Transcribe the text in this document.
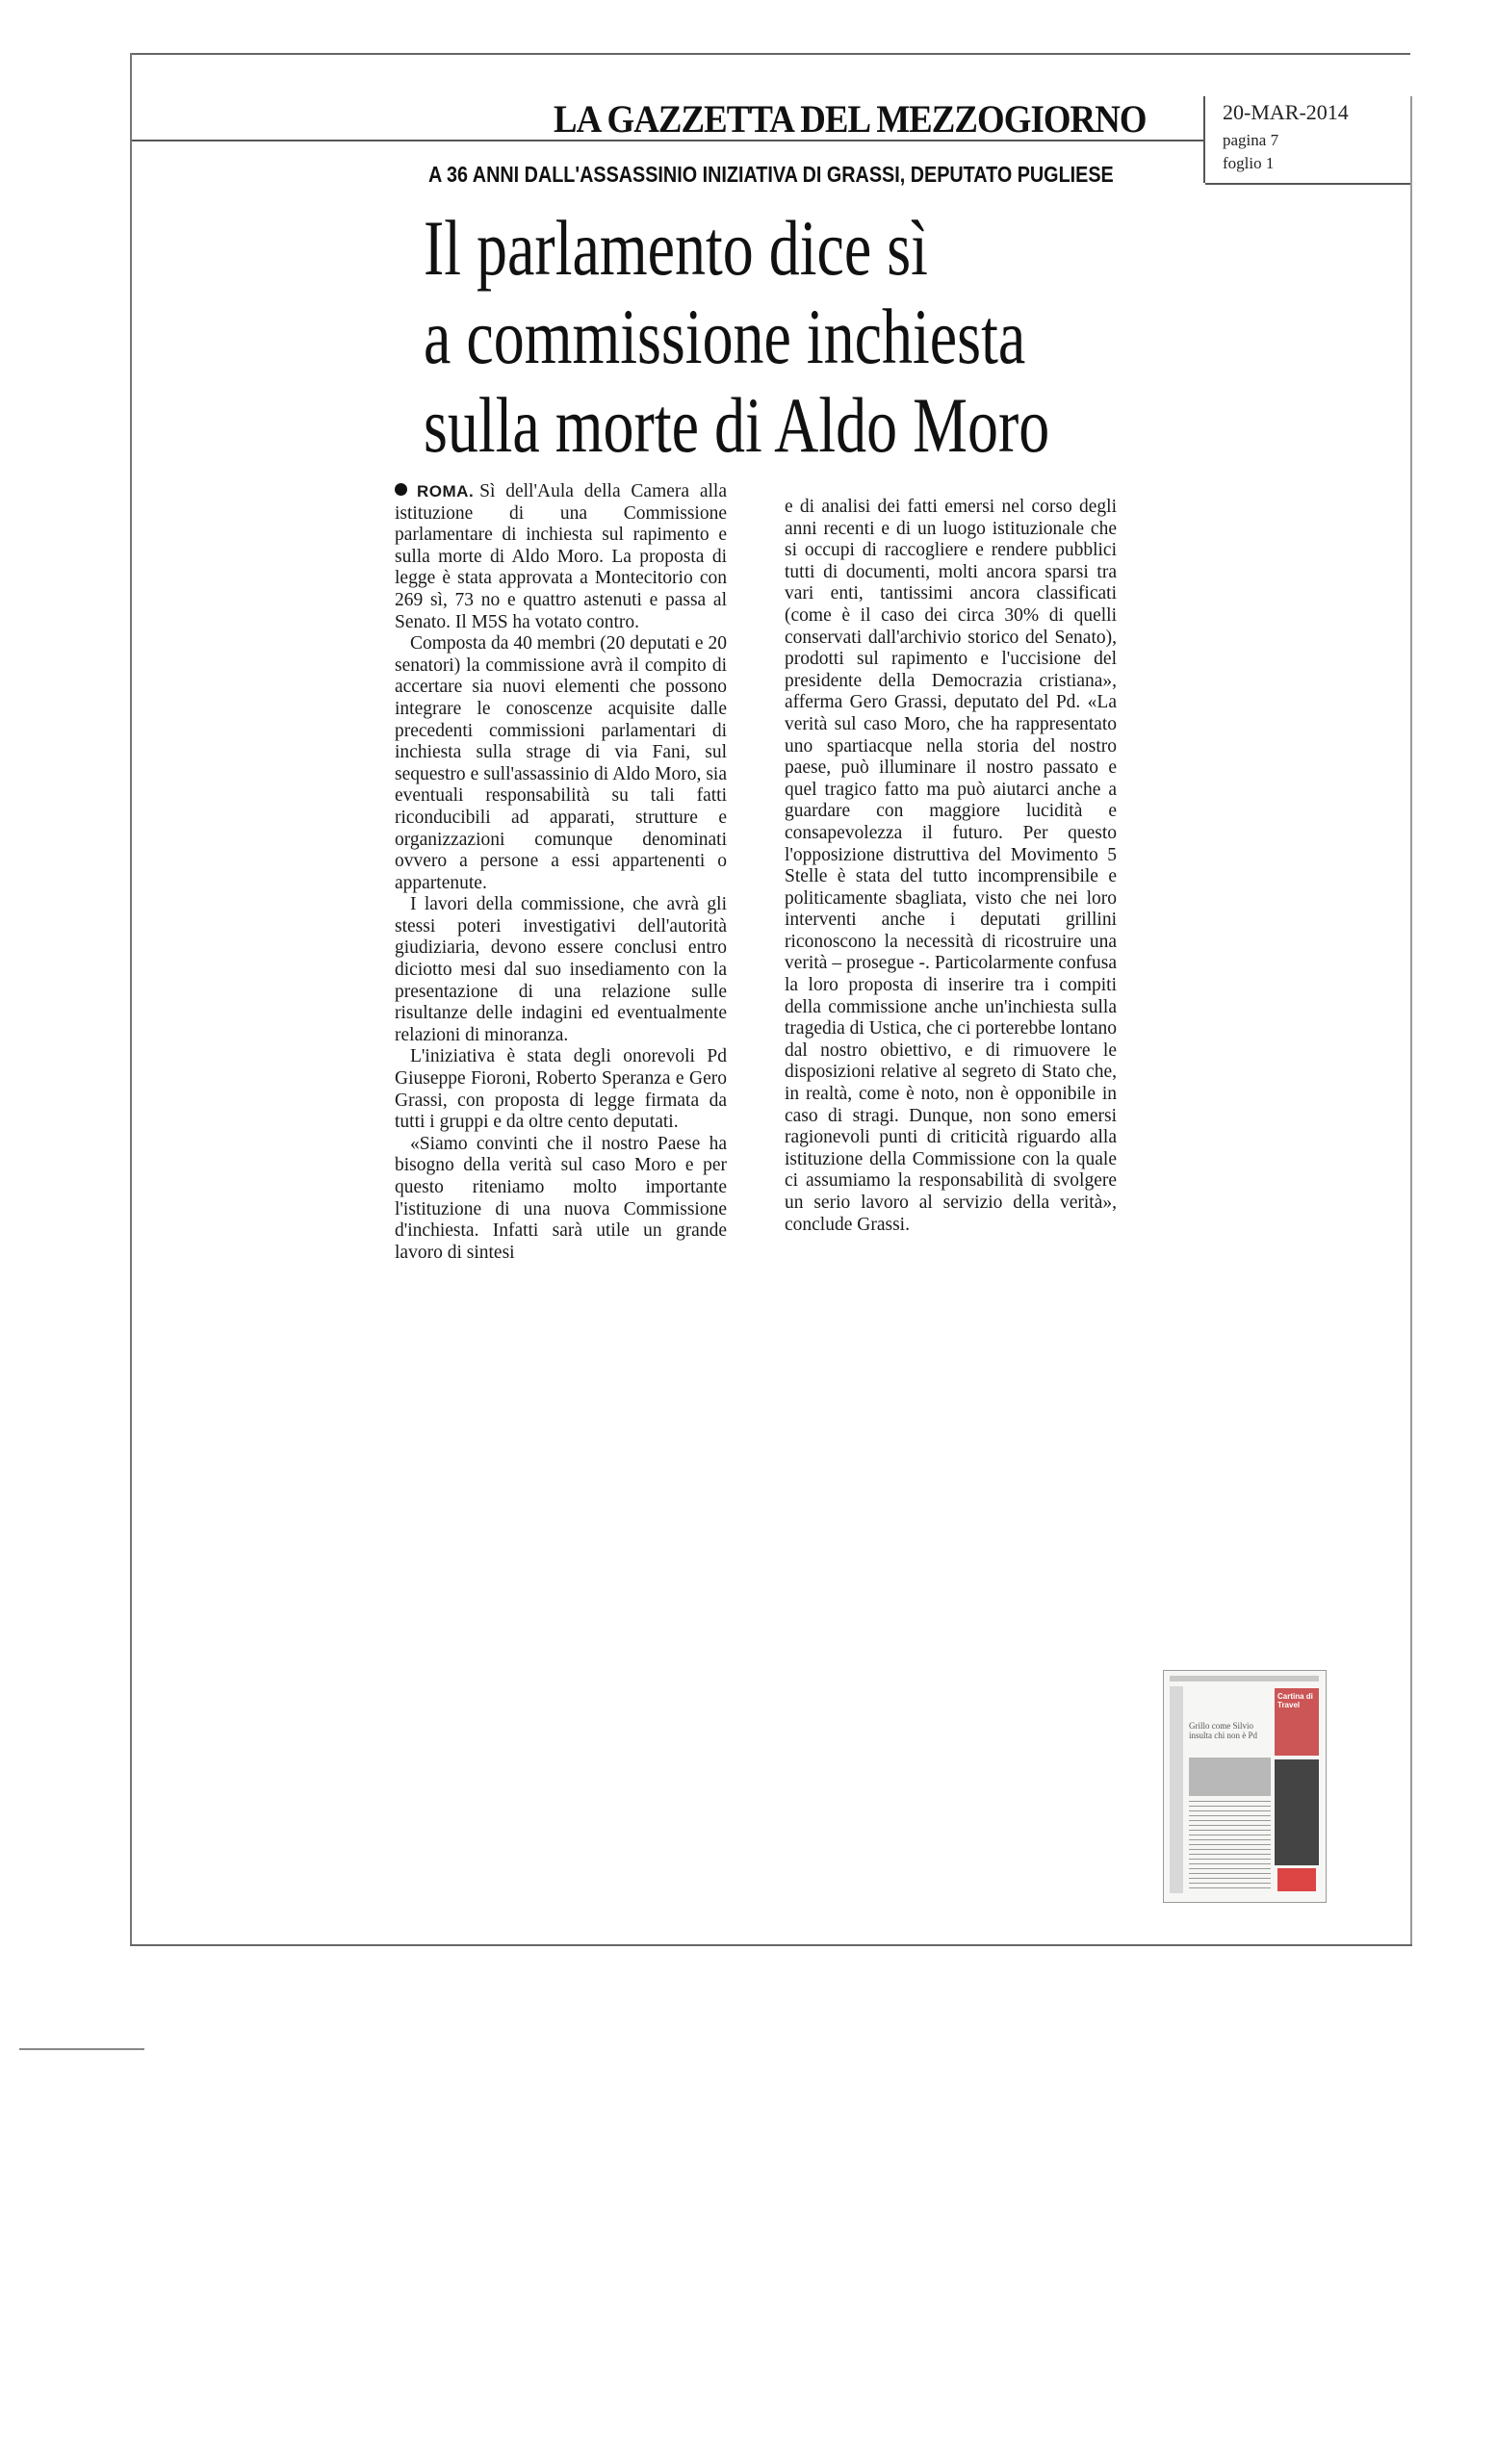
LA GAZZETTA DEL MEZZOGIORNO	20-MAR-2014
pagina 7
foglio 1
A 36 ANNI DALL'ASSASSINIO INIZIATIVA DI GRASSI, DEPUTATO PUGLIESE
Il parlamento dice sì
a commissione inchiesta
sulla morte di Aldo Moro

ROMA. Sì dell'Aula della Camera alla istituzione di una Commissione parlamentare di inchiesta sul rapimento e sulla morte di Aldo Moro. La proposta di legge è stata approvata a Montecitorio con 269 sì, 73 no e quattro astenuti e passa al Senato. Il M5S ha votato contro.

Composta da 40 membri (20 deputati e 20 senatori) la commissione avrà il compito di accertare sia nuovi elementi che possono integrare le conoscenze acquisite dalle precedenti commissioni parlamentari di inchiesta sulla strage di via Fani, sul sequestro e sull'assassinio di Aldo Moro, sia eventuali responsabilità su tali fatti riconducibili ad apparati, strutture e organizzazioni comunque denominati ovvero a persone a essi appartenenti o appartenute.

I lavori della commissione, che avrà gli stessi poteri investigativi dell'autorità giudiziaria, devono essere conclusi entro diciotto mesi dal suo insediamento con la presentazione di una relazione sulle risultanze delle indagini ed eventualmente relazioni di minoranza.

L'iniziativa è stata degli onorevoli Pd Giuseppe Fioroni, Roberto Speranza e Gero Grassi, con proposta di legge firmata da tutti i gruppi e da oltre cento deputati.

«Siamo convinti che il nostro Paese ha bisogno della verità sul caso Moro e per questo riteniamo molto importante l'istituzione di una nuova Commissione d'inchiesta. Infatti sarà utile un grande lavoro di sintesi

e di analisi dei fatti emersi nel corso degli anni recenti e di un luogo istituzionale che si occupi di raccogliere e rendere pubblici tutti di documenti, molti ancora sparsi tra vari enti, tantissimi ancora classificati (come è il caso dei circa 30% di quelli conservati dall'archivio storico del Senato), prodotti sul rapimento e l'uccisione del presidente della Democrazia cristiana», afferma Gero Grassi, deputato del Pd. «La verità sul caso Moro, che ha rappresentato uno spartiacque nella storia del nostro paese, può illuminare il nostro passato e quel tragico fatto ma può aiutarci anche a guardare con maggiore lucidità e consapevolezza il futuro. Per questo l'opposizione distruttiva del Movimento 5 Stelle è stata del tutto incomprensibile e politicamente sbagliata, visto che nei loro interventi anche i deputati grillini riconoscono la necessità di ricostruire una verità – prosegue -. Particolarmente confusa la loro proposta di inserire tra i compiti della commissione anche un'inchiesta sulla tragedia di Ustica, che ci porterebbe lontano dal nostro obiettivo, e di rimuovere le disposizioni relative al segreto di Stato che, in realtà, come è noto, non è opponibile in caso di stragi. Dunque, non sono emersi ragionevoli punti di criticità riguardo alla istituzione della Commissione con la quale ci assumiamo la responsabilità di svolgere un serio lavoro al servizio della verità», conclude Grassi.

Grillo come Silvio insulta chi non è Pd
Cartina di Travel
